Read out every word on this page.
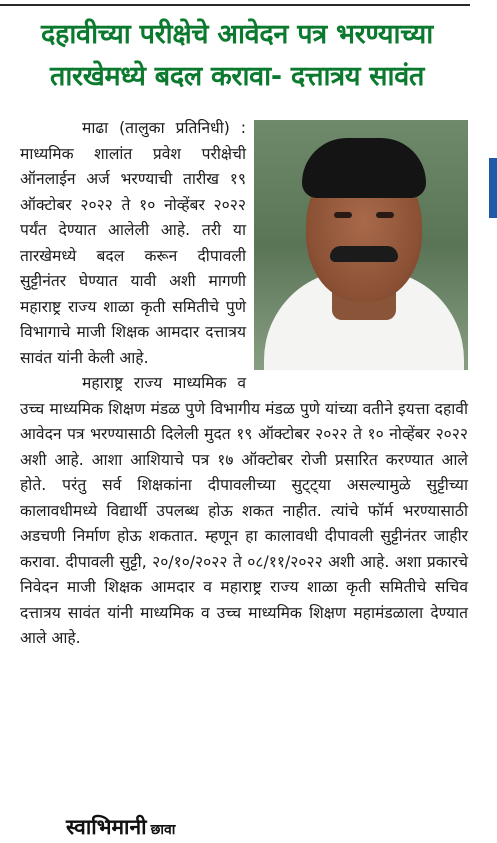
दहावीच्या परीक्षेचे आवेदन पत्र भरण्याच्या
तारखेमध्ये बदल करावा- दत्तात्रय सावंत

माढा (तालुका प्रतिनिधी) : माध्यमिक शालांत प्रवेश परीक्षेची ऑनलाईन अर्ज भरण्याची तारीख १९ ऑक्टोबर २०२२ ते १० नोव्हेंबर २०२२ पर्यंत देण्यात आलेली आहे. तरी या तारखेमध्ये बदल करून दीपावली सुट्टीनंतर घेण्यात यावी अशी मागणी महाराष्ट्र राज्य शाळा कृती समितीचे पुणे विभागाचे माजी शिक्षक आमदार दत्तात्रय सावंत यांनी केली आहे.

महाराष्ट्र राज्य माध्यमिक व उच्च माध्यमिक शिक्षण मंडळ पुणे विभागीय मंडळ पुणे यांच्या वतीने इयत्ता दहावी आवेदन पत्र भरण्यासाठी दिलेली मुदत १९ ऑक्टोबर २०२२ ते १० नोव्हेंबर २०२२ अशी आहे. आशा आशियाचे पत्र १७ ऑक्टोबर रोजी प्रसारित करण्यात आले होते. परंतु सर्व शिक्षकांना दीपावलीच्या सुट्ट्या असल्यामुळे सुट्टीच्या कालावधीमध्ये विद्यार्थी उपलब्ध होऊ शकत नाहीत. त्यांचे फॉर्म भरण्यासाठी अडचणी निर्माण होऊ शकतात. म्हणून हा कालावधी दीपावली सुट्टीनंतर जाहीर करावा. दीपावली सुट्टी, २०/१०/२०२२ ते ०८/११/२०२२ अशी आहे. अशा प्रकारचे निवेदन माजी शिक्षक आमदार व महाराष्ट्र राज्य शाळा कृती समितीचे सचिव दत्तात्रय सावंत यांनी माध्यमिक व उच्च माध्यमिक शिक्षण महामंडळाला देण्यात आले आहे.

स्वाभिमानी छावा
